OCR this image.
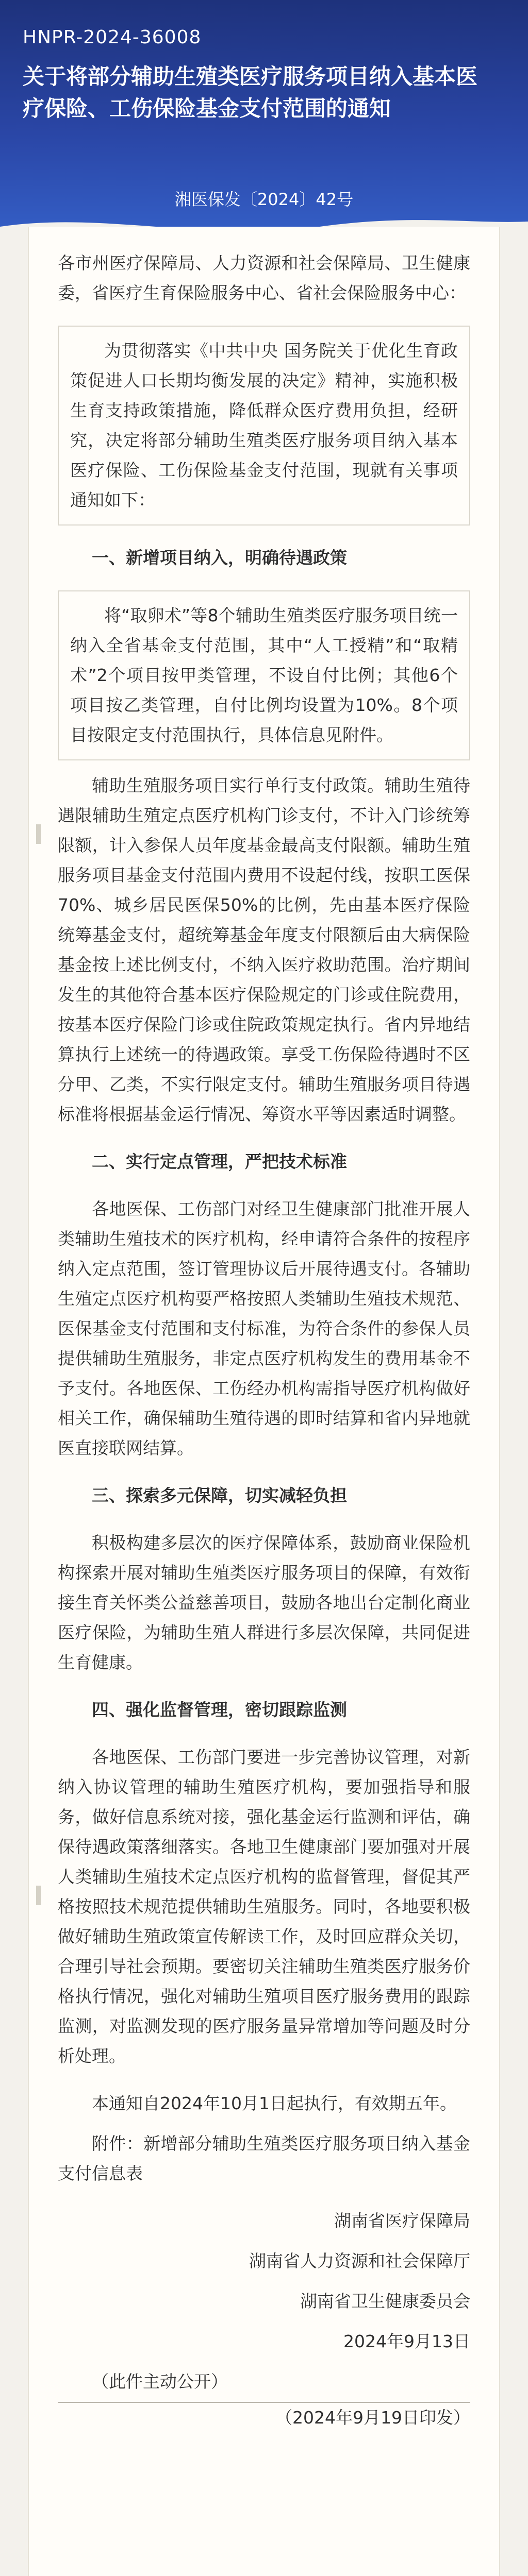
HNPR-2024-36008
关于将部分辅助生殖类医疗服务项目纳入基本医疗保险、工伤保险基金支付范围的通知
湘医保发〔2024〕42号

各市州医疗保障局、人力资源和社会保障局、卫生健康委，省医疗生育保险服务中心、省社会保险服务中心：

为贯彻落实《中共中央 国务院关于优化生育政策促进人口长期均衡发展的决定》精神，实施积极生育支持政策措施，降低群众医疗费用负担，经研究，决定将部分辅助生殖类医疗服务项目纳入基本医疗保险、工伤保险基金支付范围，现就有关事项通知如下：

一、新增项目纳入，明确待遇政策

将“取卵术”等8个辅助生殖类医疗服务项目统一纳入全省基金支付范围，其中“人工授精”和“取精术”2个项目按甲类管理，不设自付比例；其他6个项目按乙类管理，自付比例均设置为10%。8个项目按限定支付范围执行，具体信息见附件。

辅助生殖服务项目实行单行支付政策。辅助生殖待遇限辅助生殖定点医疗机构门诊支付，不计入门诊统筹限额，计入参保人员年度基金最高支付限额。辅助生殖服务项目基金支付范围内费用不设起付线，按职工医保70%、城乡居民医保50%的比例，先由基本医疗保险统筹基金支付，超统筹基金年度支付限额后由大病保险基金按上述比例支付，不纳入医疗救助范围。治疗期间发生的其他符合基本医疗保险规定的门诊或住院费用，按基本医疗保险门诊或住院政策规定执行。省内异地结算执行上述统一的待遇政策。享受工伤保险待遇时不区分甲、乙类，不实行限定支付。辅助生殖服务项目待遇标准将根据基金运行情况、筹资水平等因素适时调整。

二、实行定点管理，严把技术标准

各地医保、工伤部门对经卫生健康部门批准开展人类辅助生殖技术的医疗机构，经申请符合条件的按程序纳入定点范围，签订管理协议后开展待遇支付。各辅助生殖定点医疗机构要严格按照人类辅助生殖技术规范、医保基金支付范围和支付标准，为符合条件的参保人员提供辅助生殖服务，非定点医疗机构发生的费用基金不予支付。各地医保、工伤经办机构需指导医疗机构做好相关工作，确保辅助生殖待遇的即时结算和省内异地就医直接联网结算。

三、探索多元保障，切实减轻负担

积极构建多层次的医疗保障体系，鼓励商业保险机构探索开展对辅助生殖类医疗服务项目的保障，有效衔接生育关怀类公益慈善项目，鼓励各地出台定制化商业医疗保险，为辅助生殖人群进行多层次保障，共同促进生育健康。

四、强化监督管理，密切跟踪监测

各地医保、工伤部门要进一步完善协议管理，对新纳入协议管理的辅助生殖医疗机构，要加强指导和服务，做好信息系统对接，强化基金运行监测和评估，确保待遇政策落细落实。各地卫生健康部门要加强对开展人类辅助生殖技术定点医疗机构的监督管理，督促其严格按照技术规范提供辅助生殖服务。同时，各地要积极做好辅助生殖政策宣传解读工作，及时回应群众关切，合理引导社会预期。要密切关注辅助生殖类医疗服务价格执行情况，强化对辅助生殖项目医疗服务费用的跟踪监测，对监测发现的医疗服务量异常增加等问题及时分析处理。

本通知自2024年10月1日起执行，有效期五年。

附件：新增部分辅助生殖类医疗服务项目纳入基金支付信息表

湖南省医疗保障局

湖南省人力资源和社会保障厅

湖南省卫生健康委员会

2024年9月13日

（此件主动公开）

（2024年9月19日印发）
